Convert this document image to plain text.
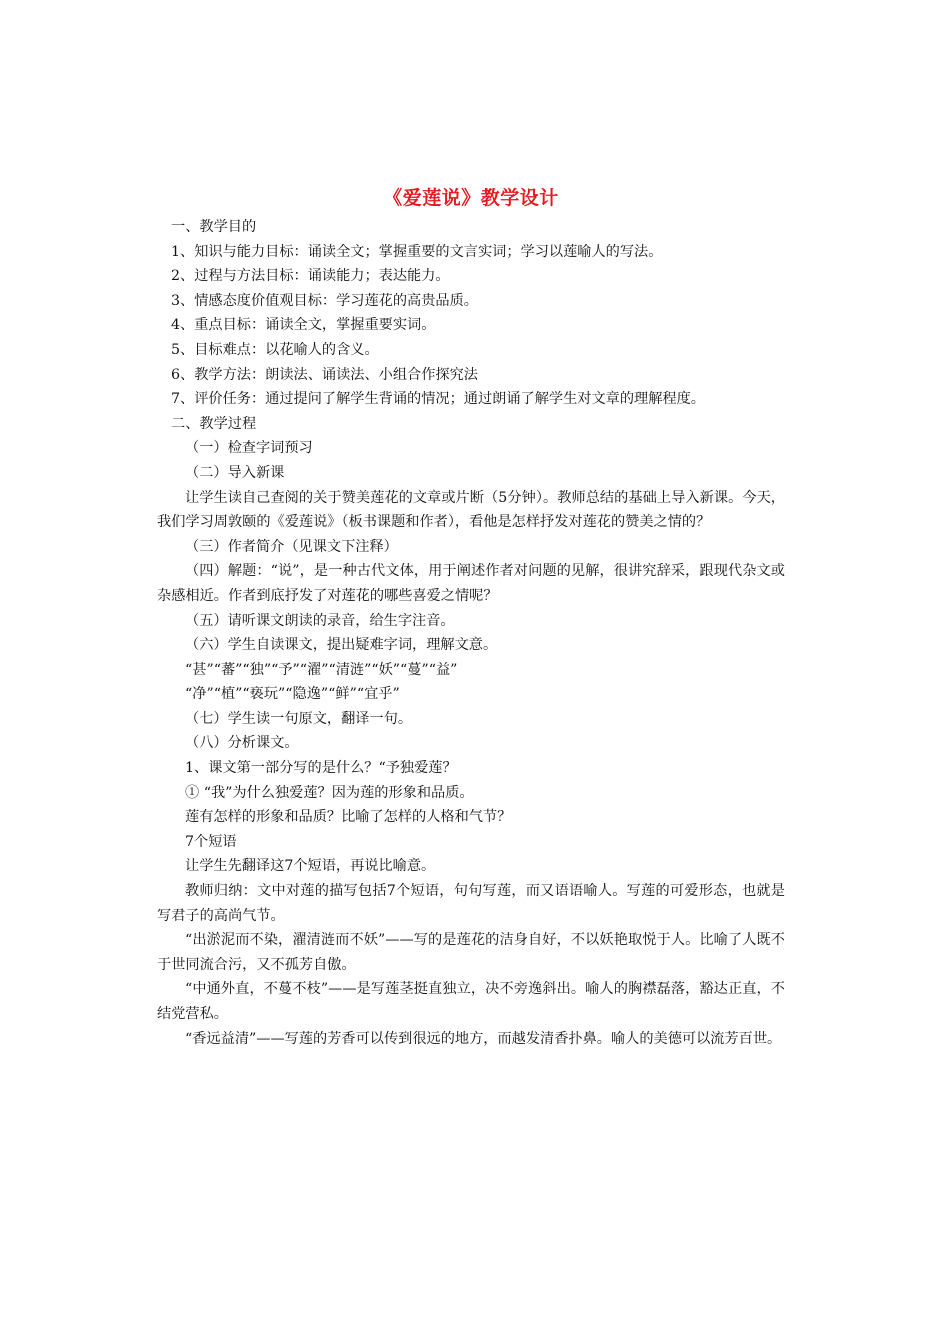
《爱莲说》教学设计

一、教学目的

1、知识与能力目标：诵读全文；掌握重要的文言实词；学习以莲喻人的写法。

2、过程与方法目标：诵读能力；表达能力。

3、情感态度价值观目标：学习莲花的高贵品质。

4、重点目标：诵读全文，掌握重要实词。

5、目标难点：以花喻人的含义。

6、教学方法：朗读法、诵读法、小组合作探究法

7、评价任务：通过提问了解学生背诵的情况；通过朗诵了解学生对文章的理解程度。

二、教学过程

（一）检查字词预习

（二）导入新课

让学生读自己查阅的关于赞美莲花的文章或片断（5分钟）。教师总结的基础上导入新课。今天，我们学习周敦颐的《爱莲说》（板书课题和作者），看他是怎样抒发对莲花的赞美之情的？

（三）作者简介（见课文下注释）

（四）解题：“说”，是一种古代文体，用于阐述作者对问题的见解，很讲究辞采，跟现代杂文或杂感相近。作者到底抒发了对莲花的哪些喜爱之情呢？

（五）请听课文朗读的录音，给生字注音。

（六）学生自读课文，提出疑难字词，理解文意。

“甚”“蕃”“独”“予”“濯”“清涟”“妖”“蔓”“益”

“净”“植”“亵玩”“隐逸”“鲜”“宜乎”

（七）学生读一句原文，翻译一句。

（八）分析课文。

1、课文第一部分写的是什么？“予独爱莲？

① “我”为什么独爱莲？因为莲的形象和品质。

莲有怎样的形象和品质？比喻了怎样的人格和气节？

7个短语

让学生先翻译这7个短语，再说比喻意。

教师归纳：文中对莲的描写包括7个短语，句句写莲，而又语语喻人。写莲的可爱形态，也就是写君子的高尚气节。

“出淤泥而不染，濯清涟而不妖”——写的是莲花的洁身自好，不以妖艳取悦于人。比喻了人既不于世同流合污，又不孤芳自傲。

“中通外直，不蔓不枝”——是写莲茎挺直独立，决不旁逸斜出。喻人的胸襟磊落，豁达正直，不结党营私。

“香远益清”——写莲的芳香可以传到很远的地方，而越发清香扑鼻。喻人的美德可以流芳百世。
